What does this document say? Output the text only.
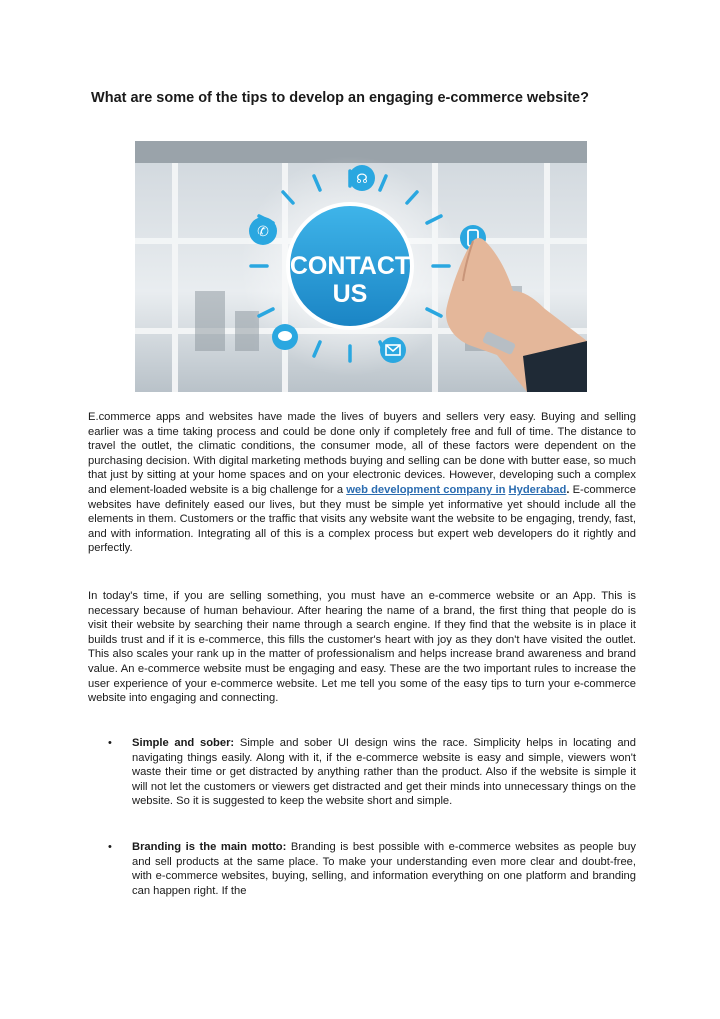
What are some of the tips to develop an engaging e-commerce website?
✆
☊
CONTACT
US
E.commerce apps and websites have made the lives of buyers and sellers very easy. Buying and selling earlier was a time taking process and could be done only if completely free and full of time. The distance to travel the outlet, the climatic conditions, the consumer mode, all of these factors were dependent on the purchasing decision. With digital marketing methods buying and selling can be done with butter ease, so much that just by sitting at your home spaces and on your electronic devices. However, developing such a complex and element-loaded website is a big challenge for a web development company in Hyderabad. E-commerce websites have definitely eased our lives, but they must be simple yet informative yet should include all the elements in them. Customers or the traffic that visits any website want the website to be engaging, trendy, fast, and with information. Integrating all of this is a complex process but expert web developers do it rightly and perfectly.
In today's time, if you are selling something, you must have an e-commerce website or an App. This is necessary because of human behaviour. After hearing the name of a brand, the first thing that people do is visit their website by searching their name through a search engine. If they find that the website is in place it builds trust and if it is e-commerce, this fills the customer's heart with joy as they don't have visited the outlet. This also scales your rank up in the matter of professionalism and helps increase brand awareness and brand value. An e-commerce website must be engaging and easy. These are the two important rules to increase the user experience of your e-commerce website. Let me tell you some of the easy tips to turn your e-commerce website into engaging and connecting.
•	Simple and sober: Simple and sober UI design wins the race. Simplicity helps in locating and navigating things easily. Along with it, if the e-commerce website is easy and simple, viewers won't waste their time or get distracted by anything rather than the product. Also if the website is simple it will not let the customers or viewers get distracted and get their minds into unnecessary things on the website. So it is suggested to keep the website short and simple.
•	Branding is the main motto: Branding is best possible with e-commerce websites as people buy and sell products at the same place. To make your understanding even more clear and doubt-free, with e-commerce websites, buying, selling, and information everything on one platform and branding can happen right. If the
